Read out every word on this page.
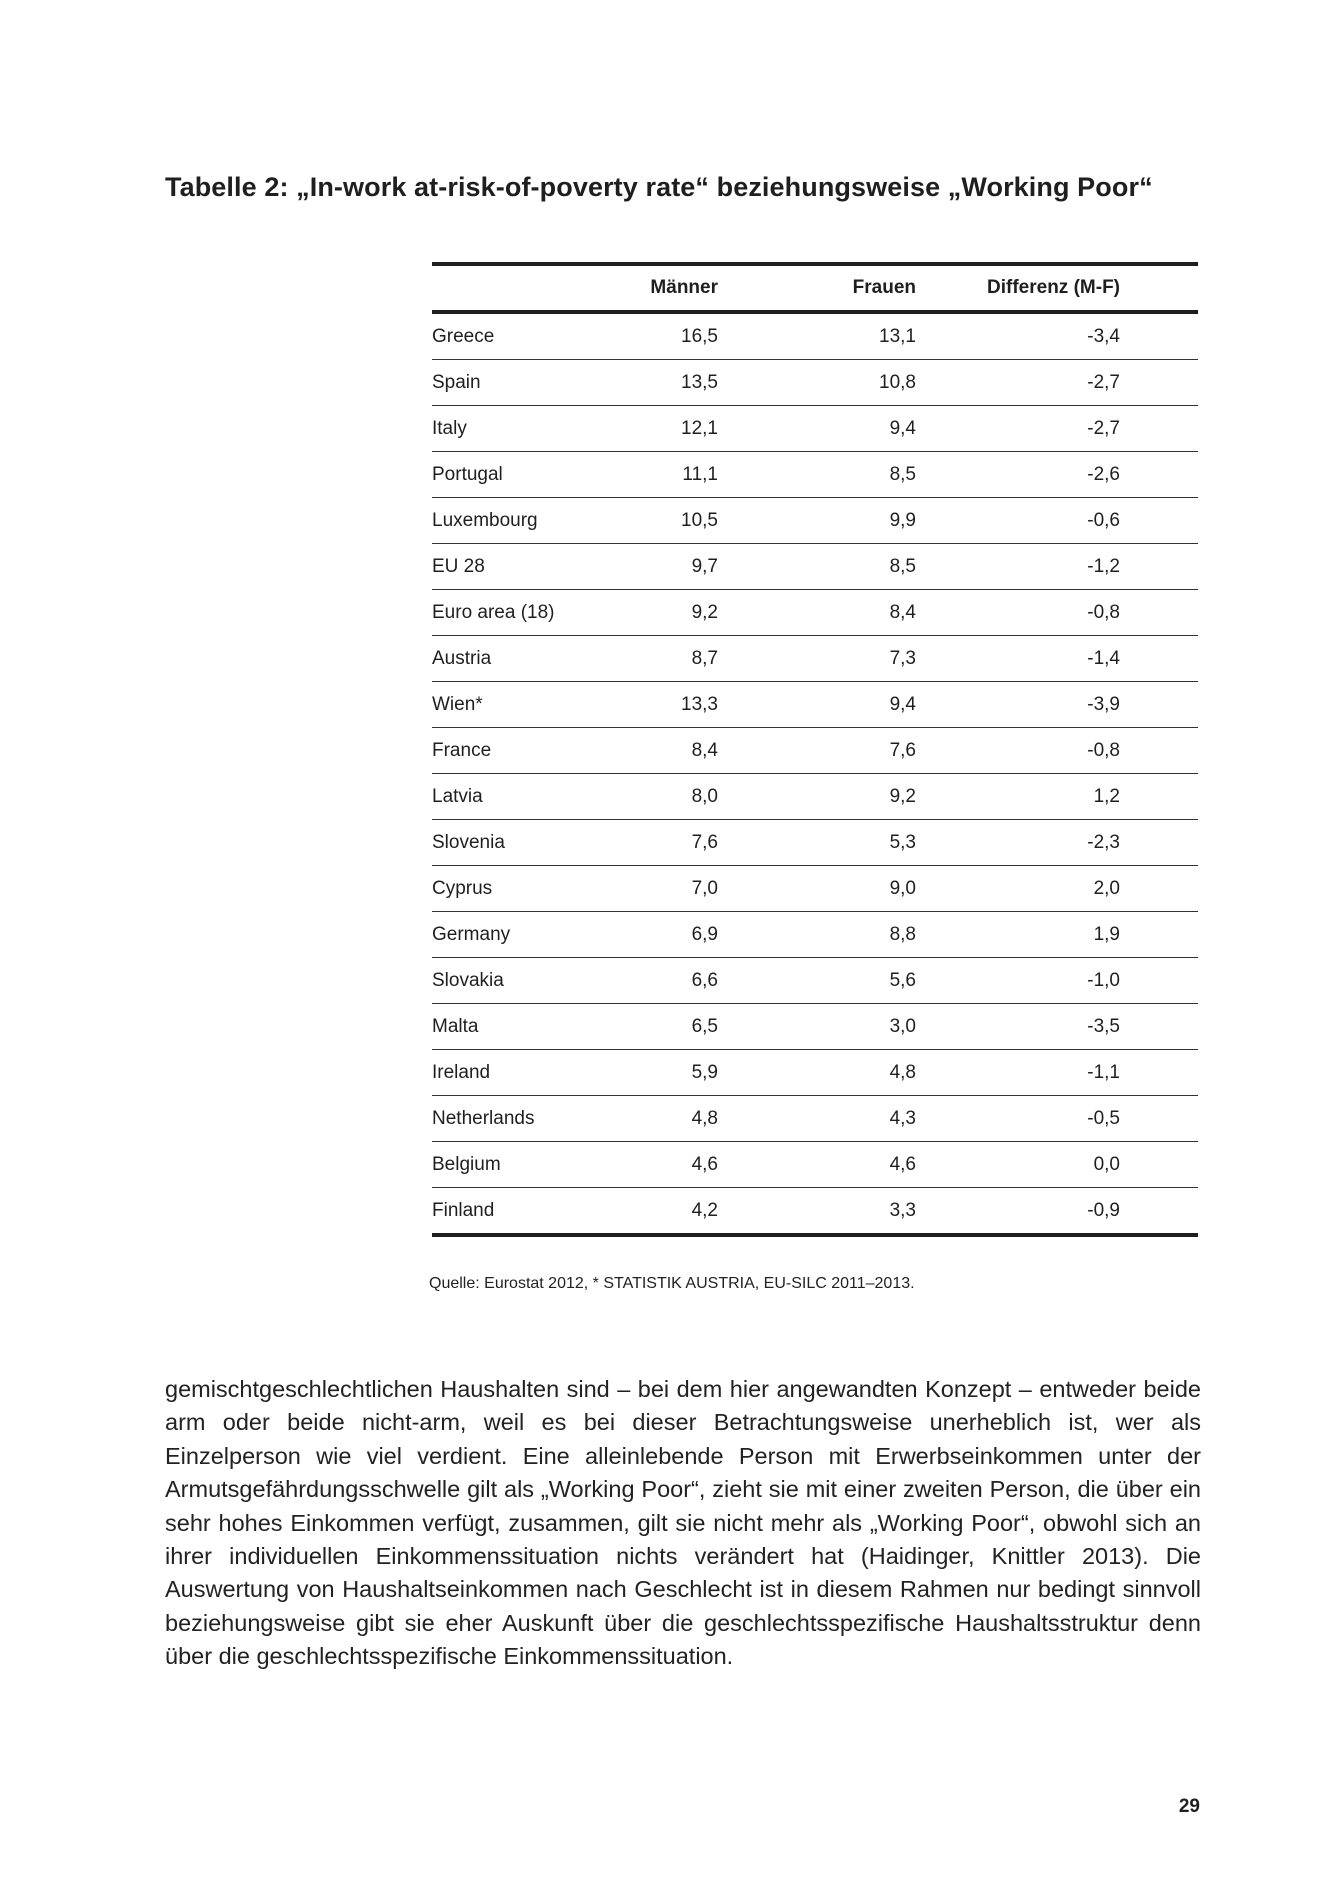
Tabelle 2: „In-work at-risk-of-poverty rate“ beziehungsweise „Working Poor“
	Männer	Frauen	Differenz (M-F)	
Greece	16,5	13,1	-3,4	
Spain	13,5	10,8	-2,7	
Italy	12,1	9,4	-2,7	
Portugal	11,1	8,5	-2,6	
Luxembourg	10,5	9,9	-0,6	
EU 28	9,7	8,5	-1,2	
Euro area (18)	9,2	8,4	-0,8	
Austria	8,7	7,3	-1,4	
Wien*	13,3	9,4	-3,9	
France	8,4	7,6	-0,8	
Latvia	8,0	9,2	1,2	
Slovenia	7,6	5,3	-2,3	
Cyprus	7,0	9,0	2,0	
Germany	6,9	8,8	1,9	
Slovakia	6,6	5,6	-1,0	
Malta	6,5	3,0	-3,5	
Ireland	5,9	4,8	-1,1	
Netherlands	4,8	4,3	-0,5	
Belgium	4,6	4,6	0,0	
Finland	4,2	3,3	-0,9	
Quelle: Eurostat 2012, * STATISTIK AUSTRIA, EU-SILC 2011–2013.
gemischtgeschlechtlichen Haushalten sind – bei dem hier angewandten Konzept – entweder beide arm oder beide nicht-arm, weil es bei dieser Betrachtungsweise unerheblich ist, wer als Einzelperson wie viel verdient. Eine alleinlebende Person mit Erwerbseinkommen unter der Armutsgefährdungsschwelle gilt als „Working Poor“, zieht sie mit einer zweiten Person, die über ein sehr hohes Einkommen verfügt, zusammen, gilt sie nicht mehr als „Working Poor“, obwohl sich an ihrer individuellen Einkommenssituation nichts verändert hat (Haidinger, Knittler 2013). Die Auswertung von Haushaltseinkommen nach Geschlecht ist in diesem Rahmen nur bedingt sinnvoll beziehungsweise gibt sie eher Auskunft über die geschlechtsspezifische Haushaltsstruktur denn über die geschlechtsspezifische Einkommenssituation.
29
